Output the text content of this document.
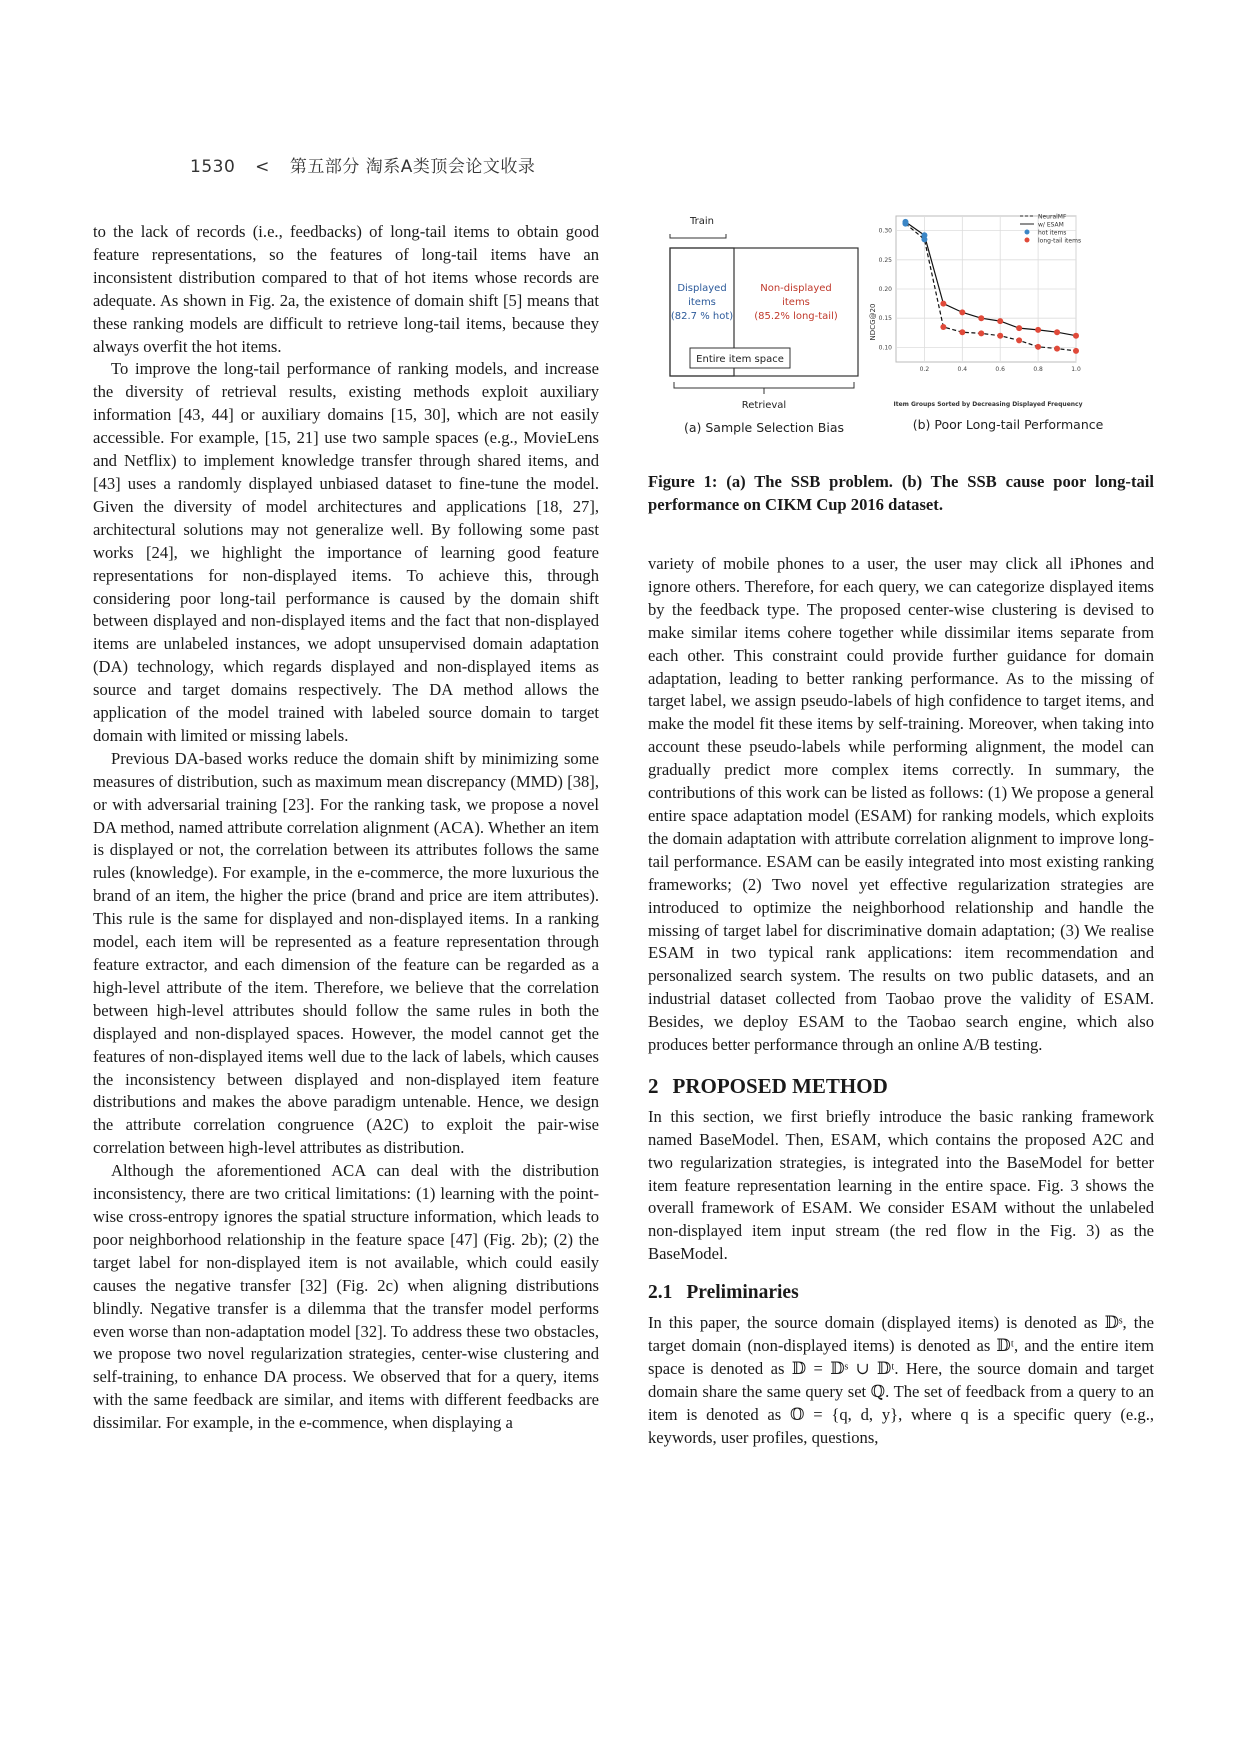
1530 < 第五部分 淘系A类顶会论文收录

to the lack of records (i.e., feedbacks) of long-tail items to obtain good feature representations, so the features of long-tail items have an inconsistent distribution compared to that of hot items whose records are adequate. As shown in Fig. 2a, the existence of domain shift [5] means that these ranking models are difficult to retrieve long-tail items, because they always overfit the hot items.

To improve the long-tail performance of ranking models, and increase the diversity of retrieval results, existing methods exploit auxiliary information [43, 44] or auxiliary domains [15, 30], which are not easily accessible. For example, [15, 21] use two sample spaces (e.g., MovieLens and Netflix) to implement knowledge transfer through shared items, and [43] uses a randomly displayed unbiased dataset to fine-tune the model. Given the diversity of model architectures and applications [18, 27], architectural solutions may not generalize well. By following some past works [24], we highlight the importance of learning good feature representations for non-displayed items. To achieve this, through considering poor long-tail performance is caused by the domain shift between displayed and non-displayed items and the fact that non-displayed items are unlabeled instances, we adopt unsupervised domain adaptation (DA) technology, which regards displayed and non-displayed items as source and target domains respectively. The DA method allows the application of the model trained with labeled source domain to target domain with limited or missing labels.

Previous DA-based works reduce the domain shift by minimizing some measures of distribution, such as maximum mean discrepancy (MMD) [38], or with adversarial training [23]. For the ranking task, we propose a novel DA method, named attribute correlation alignment (ACA). Whether an item is displayed or not, the correlation between its attributes follows the same rules (knowledge). For example, in the e-commerce, the more luxurious the brand of an item, the higher the price (brand and price are item attributes). This rule is the same for displayed and non-displayed items. In a ranking model, each item will be represented as a feature representation through feature extractor, and each dimension of the feature can be regarded as a high-level attribute of the item. Therefore, we believe that the correlation between high-level attributes should follow the same rules in both the displayed and non-displayed spaces. However, the model cannot get the features of non-displayed items well due to the lack of labels, which causes the inconsistency between displayed and non-displayed item feature distributions and makes the above paradigm untenable. Hence, we design the attribute correlation congruence (A2C) to exploit the pair-wise correlation between high-level attributes as distribution.

Although the aforementioned ACA can deal with the distribution inconsistency, there are two critical limitations: (1) learning with the point-wise cross-entropy ignores the spatial structure information, which leads to poor neighborhood relationship in the feature space [47] (Fig. 2b); (2) the target label for non-displayed item is not available, which could easily causes the negative transfer [32] (Fig. 2c) when aligning distributions blindly. Negative transfer is a dilemma that the transfer model performs even worse than non-adaptation model [32]. To address these two obstacles, we propose two novel regularization strategies, center-wise clustering and self-training, to enhance DA process. We observed that for a query, items with the same feedback are similar, and items with different feedbacks are dissimilar. For example, in the e-commence, when displaying a

Train
Displayed
items
(82.7 % hot)
Non-displayed
items
(85.2% long-tail)
Entire item space
Retrieval
(a) Sample Selection Bias
NDCG@20
Item Groups Sorted by Decreasing Displayed Frequency
(b) Poor Long-tail Performance
0.10
0.15
0.20
0.25
0.30
0.2	0.4	0.6	0.8	1.0
NeuralMF
w/ ESAM
hot items
long-tail items
Figure 1: (a) The SSB problem. (b) The SSB cause poor long-tail performance on CIKM Cup 2016 dataset.

variety of mobile phones to a user, the user may click all iPhones and ignore others. Therefore, for each query, we can categorize displayed items by the feedback type. The proposed center-wise clustering is devised to make similar items cohere together while dissimilar items separate from each other. This constraint could provide further guidance for domain adaptation, leading to better ranking performance. As to the missing of target label, we assign pseudo-labels of high confidence to target items, and make the model fit these items by self-training. Moreover, when taking into account these pseudo-labels while performing alignment, the model can gradually predict more complex items correctly. In summary, the contributions of this work can be listed as follows: (1) We propose a general entire space adaptation model (ESAM) for ranking models, which exploits the domain adaptation with attribute correlation alignment to improve long-tail performance. ESAM can be easily integrated into most existing ranking frameworks; (2) Two novel yet effective regularization strategies are introduced to optimize the neighborhood relationship and handle the missing of target label for discriminative domain adaptation; (3) We realise ESAM in two typical rank applications: item recommendation and personalized search system. The results on two public datasets, and an industrial dataset collected from Taobao prove the validity of ESAM. Besides, we deploy ESAM to the Taobao search engine, which also produces better performance through an online A/B testing.

2 PROPOSED METHOD

In this section, we first briefly introduce the basic ranking framework named BaseModel. Then, ESAM, which contains the proposed A2C and two regularization strategies, is integrated into the BaseModel for better item feature representation learning in the entire space. Fig. 3 shows the overall framework of ESAM. We consider ESAM without the unlabeled non-displayed item input stream (the red flow in the Fig. 3) as the BaseModel.

2.1 Preliminaries

In this paper, the source domain (displayed items) is denoted as 𝔻ˢ, the target domain (non-displayed items) is denoted as 𝔻ᵗ, and the entire item space is denoted as 𝔻 = 𝔻ˢ ∪ 𝔻ᵗ. Here, the source domain and target domain share the same query set ℚ. The set of feedback from a query to an item is denoted as 𝕆 = {q, d, y}, where q is a specific query (e.g., keywords, user profiles, questions,
